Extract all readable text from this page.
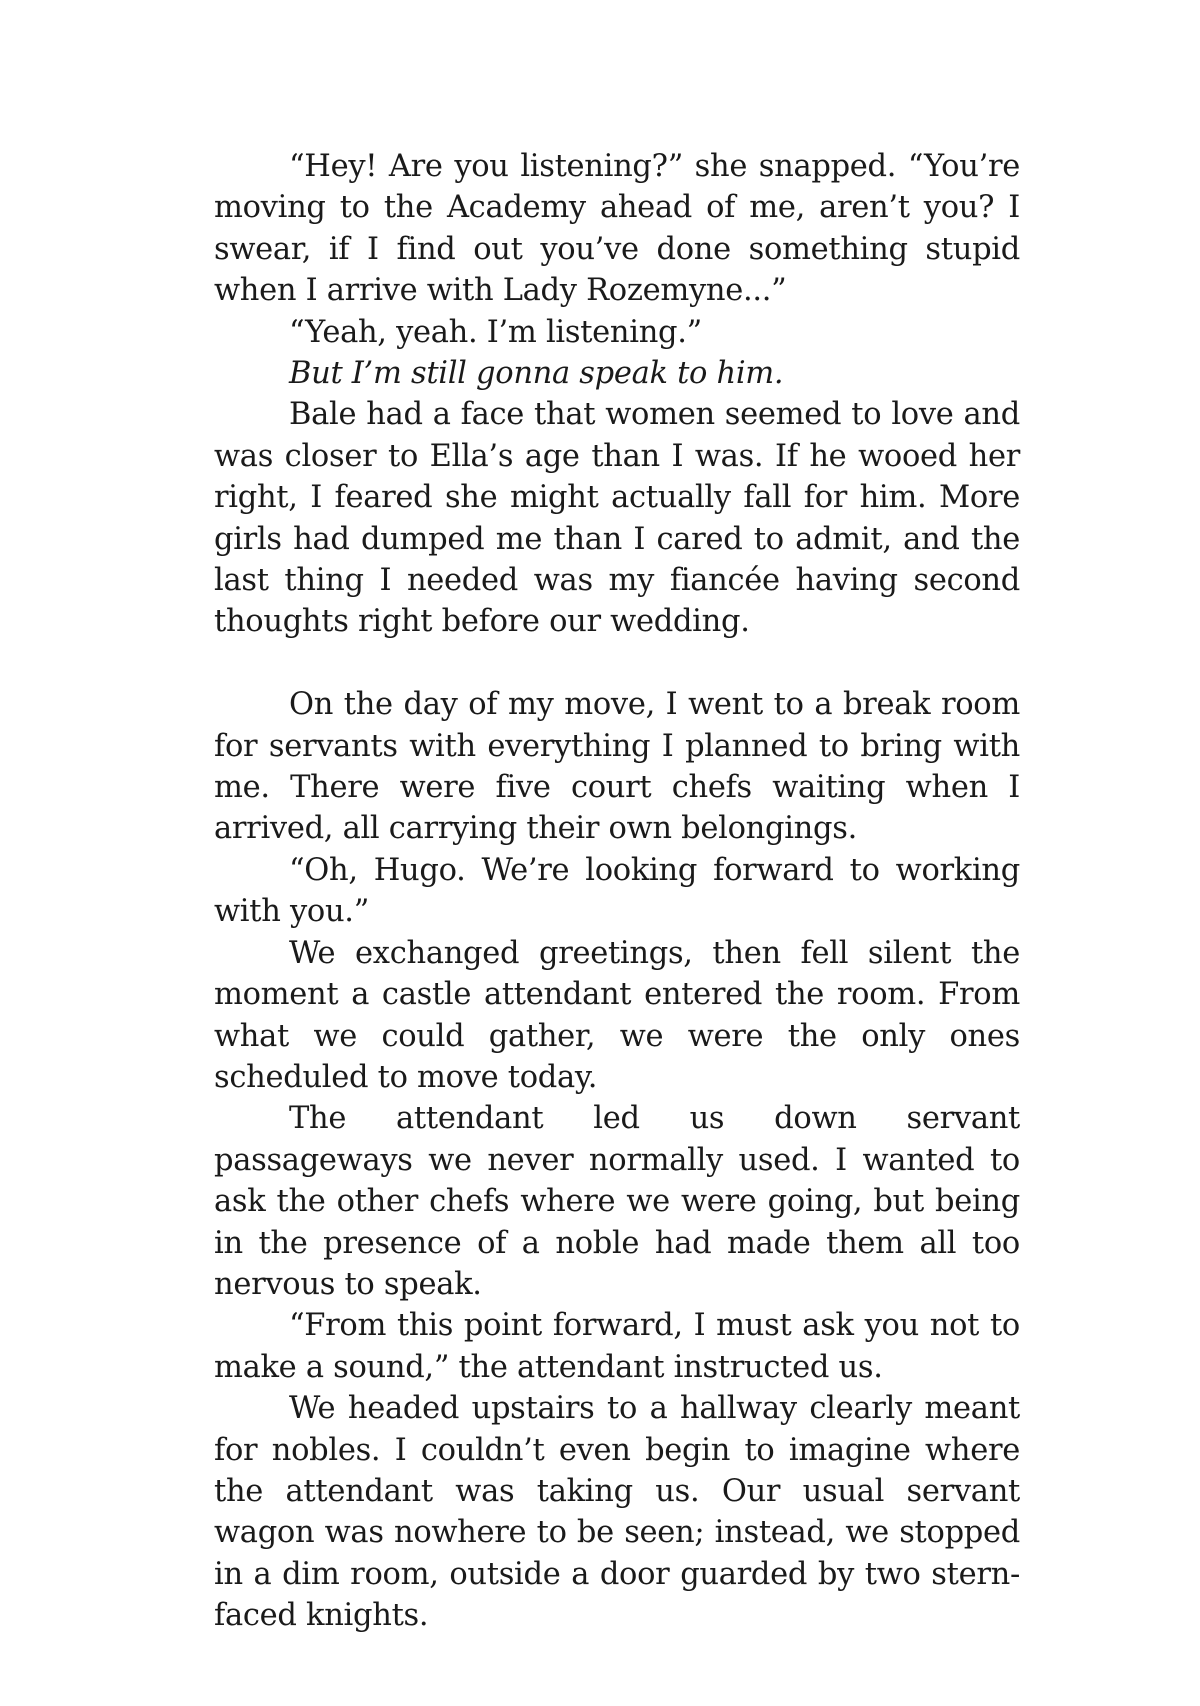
“Hey! Are you listening?” she snapped. “You’re moving to the Academy ahead of me, aren’t you? I swear, if I find out you’ve done something stupid when I arrive with Lady Rozemyne...”

“Yeah, yeah. I’m listening.”

But I’m still gonna speak to him.

Bale had a face that women seemed to love and was closer to Ella’s age than I was. If he wooed her right, I feared she might actually fall for him. More girls had dumped me than I cared to admit, and the last thing I needed was my fiancée having second thoughts right before our wedding.

On the day of my move, I went to a break room for servants with everything I planned to bring with me. There were five court chefs waiting when I arrived, all carrying their own belongings.

“Oh, Hugo. We’re looking forward to working with you.”

We exchanged greetings, then fell silent the moment a castle attendant entered the room. From what we could gather, we were the only ones scheduled to move today.

The attendant led us down servant passageways we never normally used. I wanted to ask the other chefs where we were going, but being in the presence of a noble had made them all too nervous to speak.

“From this point forward, I must ask you not to make a sound,” the attendant instructed us.

We headed upstairs to a hallway clearly meant for nobles. I couldn’t even begin to imagine where the attendant was taking us. Our usual servant wagon was nowhere to be seen; instead, we stopped in a dim room, outside a door guarded by two stern-faced knights.
